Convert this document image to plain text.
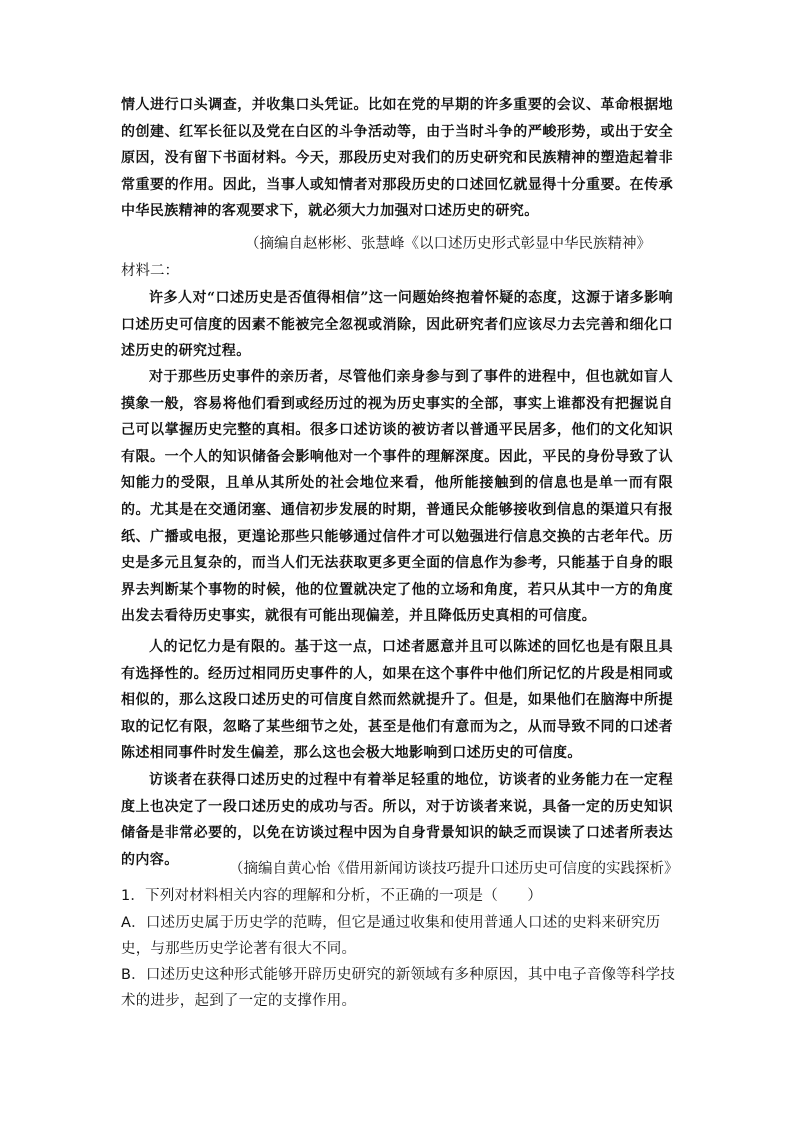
情人进行口头调查，并收集口头凭证。比如在党的早期的许多重要的会议、革命根据地的创建、红军长征以及党在白区的斗争活动等，由于当时斗争的严峻形势，或出于安全原因，没有留下书面材料。今天，那段历史对我们的历史研究和民族精神的塑造起着非常重要的作用。因此，当事人或知情者对那段历史的口述回忆就显得十分重要。在传承中华民族精神的客观要求下，就必须大力加强对口述历史的研究。

（摘编自赵彬彬、张慧峰《以口述历史形式彰显中华民族精神》

材料二：

许多人对“口述历史是否值得相信”这一问题始终抱着怀疑的态度，这源于诸多影响口述历史可信度的因素不能被完全忽视或消除，因此研究者们应该尽力去完善和细化口述历史的研究过程。

对于那些历史事件的亲历者，尽管他们亲身参与到了事件的进程中，但也就如盲人摸象一般，容易将他们看到或经历过的视为历史事实的全部，事实上谁都没有把握说自己可以掌握历史完整的真相。很多口述访谈的被访者以普通平民居多，他们的文化知识有限。一个人的知识储备会影响他对一个事件的理解深度。因此，平民的身份导致了认知能力的受限，且单从其所处的社会地位来看，他所能接触到的信息也是单一而有限的。尤其是在交通闭塞、通信初步发展的时期，普通民众能够接收到信息的渠道只有报纸、广播或电报，更遑论那些只能够通过信件才可以勉强进行信息交换的古老年代。历史是多元且复杂的，而当人们无法获取更多更全面的信息作为参考，只能基于自身的眼界去判断某个事物的时候，他的位置就决定了他的立场和角度，若只从其中一方的角度出发去看待历史事实，就很有可能出现偏差，并且降低历史真相的可信度。

人的记忆力是有限的。基于这一点，口述者愿意并且可以陈述的回忆也是有限且具有选择性的。经历过相同历史事件的人，如果在这个事件中他们所记忆的片段是相同或相似的，那么这段口述历史的可信度自然而然就提升了。但是，如果他们在脑海中所提取的记忆有限，忽略了某些细节之处，甚至是他们有意而为之，从而导致不同的口述者陈述相同事件时发生偏差，那么这也会极大地影响到口述历史的可信度。

访谈者在获得口述历史的过程中有着举足轻重的地位，访谈者的业务能力在一定程度上也决定了一段口述历史的成功与否。所以，对于访谈者来说，具备一定的历史知识储备是非常必要的，以免在访谈过程中因为自身背景知识的缺乏而误读了口述者所表达的内容。

（摘编自黄心怡《借用新闻访谈技巧提升口述历史可信度的实践探析》

1．下列对材料相关内容的理解和分析，不正确的一项是（　　）

A．口述历史属于历史学的范畴，但它是通过收集和使用普通人口述的史料来研究历史，与那些历史学论著有很大不同。

B．口述历史这种形式能够开辟历史研究的新领域有多种原因，其中电子音像等科学技术的进步，起到了一定的支撑作用。
